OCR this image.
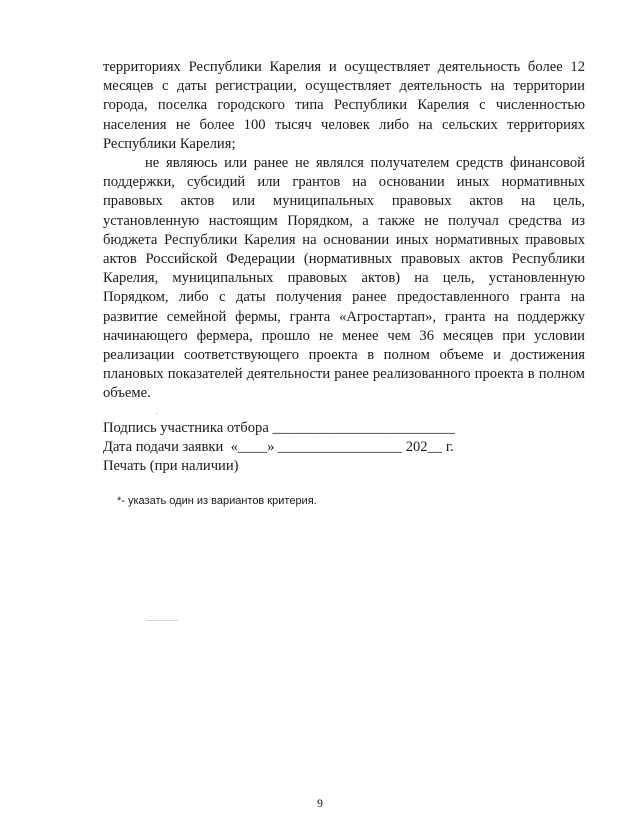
территориях Республики Карелия и осуществляет деятельность более 12 месяцев с даты регистрации, осуществляет деятельность на территории города, поселка городского типа Республики Карелия с численностью населения не более 100 тысяч человек либо на сельских территориях Республики Карелия;

не являюсь или ранее не являлся получателем средств финансовой поддержки, субсидий или грантов на основании иных нормативных правовых актов или муниципальных правовых актов на цель, установленную настоящим Порядком, а также не получал средства из бюджета Республики Карелия на основании иных нормативных правовых актов Российской Федерации (нормативных правовых актов Республики Карелия, муниципальных правовых актов) на цель, установленную Порядком, либо с даты получения ранее предоставленного гранта на развитие семейной фермы, гранта «Агростартап», гранта на поддержку начинающего фермера, прошло не менее чем 36 месяцев при условии реализации соответствующего проекта в полном объеме и достижения плановых показателей деятельности ранее реализованного проекта в полном объеме.

Подпись участника отбора _________________________

Дата подачи заявки  «____» _________________ 202__ г.

Печать (при наличии)

*- указать один из вариантов критерия.

9
